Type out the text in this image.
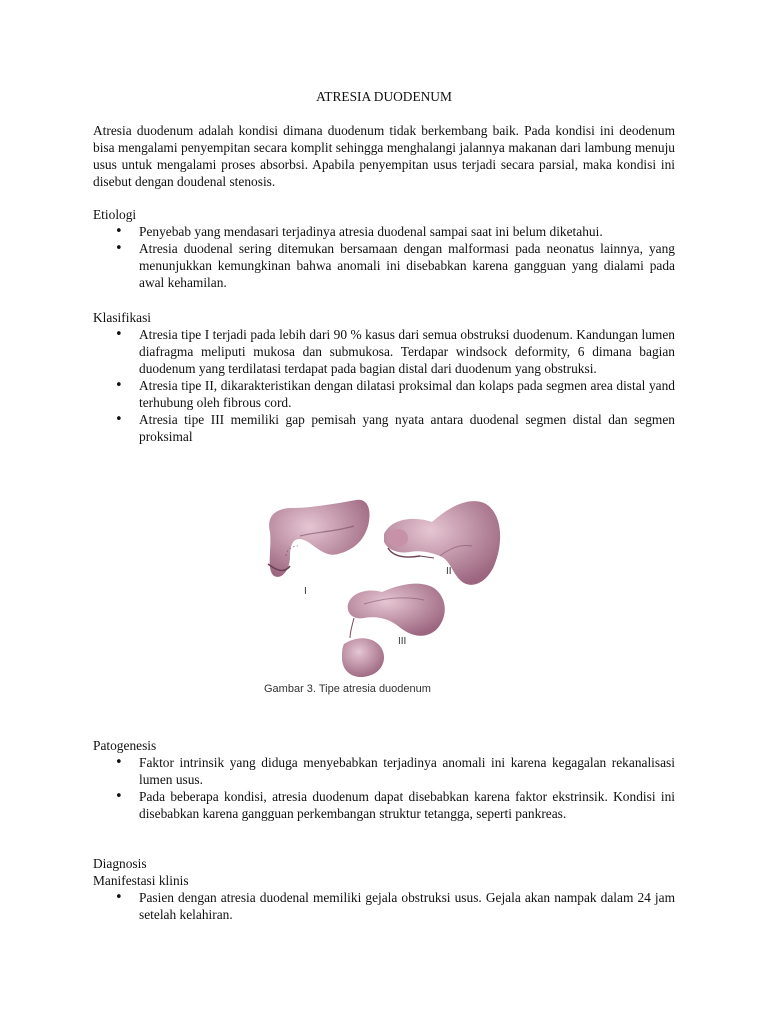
ATRESIA DUODENUM
Atresia duodenum adalah kondisi dimana duodenum tidak berkembang baik. Pada kondisi ini deodenum bisa mengalami penyempitan secara komplit sehingga menghalangi jalannya makanan dari lambung menuju usus untuk mengalami proses absorbsi. Apabila penyempitan usus terjadi secara parsial, maka kondisi ini disebut dengan doudenal stenosis.
Etiologi
• Penyebab yang mendasari terjadinya atresia duodenal sampai saat ini belum diketahui.
• Atresia duodenal sering ditemukan bersamaan dengan malformasi pada neonatus lainnya, yang menunjukkan kemungkinan bahwa anomali ini disebabkan karena gangguan yang dialami pada awal kehamilan.
Klasifikasi
• Atresia tipe I terjadi pada lebih dari 90 % kasus dari semua obstruksi duodenum. Kandungan lumen diafragma meliputi mukosa dan submukosa. Terdapar windsock deformity, 6 dimana bagian duodenum yang terdilatasi terdapat pada bagian distal dari duodenum yang obstruksi.
• Atresia tipe II, dikarakteristikan dengan dilatasi proksimal dan kolaps pada segmen area distal yand terhubung oleh fibrous cord.
• Atresia tipe III memiliki gap pemisah yang nyata antara duodenal segmen distal dan segmen proksimal
Patogenesis
• Faktor intrinsik yang diduga menyebabkan terjadinya anomali ini karena kegagalan rekanalisasi lumen usus.
• Pada beberapa kondisi, atresia duodenum dapat disebabkan karena faktor ekstrinsik. Kondisi ini disebabkan karena gangguan perkembangan struktur tetangga, seperti pankreas.
Diagnosis
Manifestasi klinis
• Pasien dengan atresia duodenal memiliki gejala obstruksi usus. Gejala akan nampak dalam 24 jam setelah kelahiran.
I
II
III
Gambar 3. Tipe atresia duodenum
